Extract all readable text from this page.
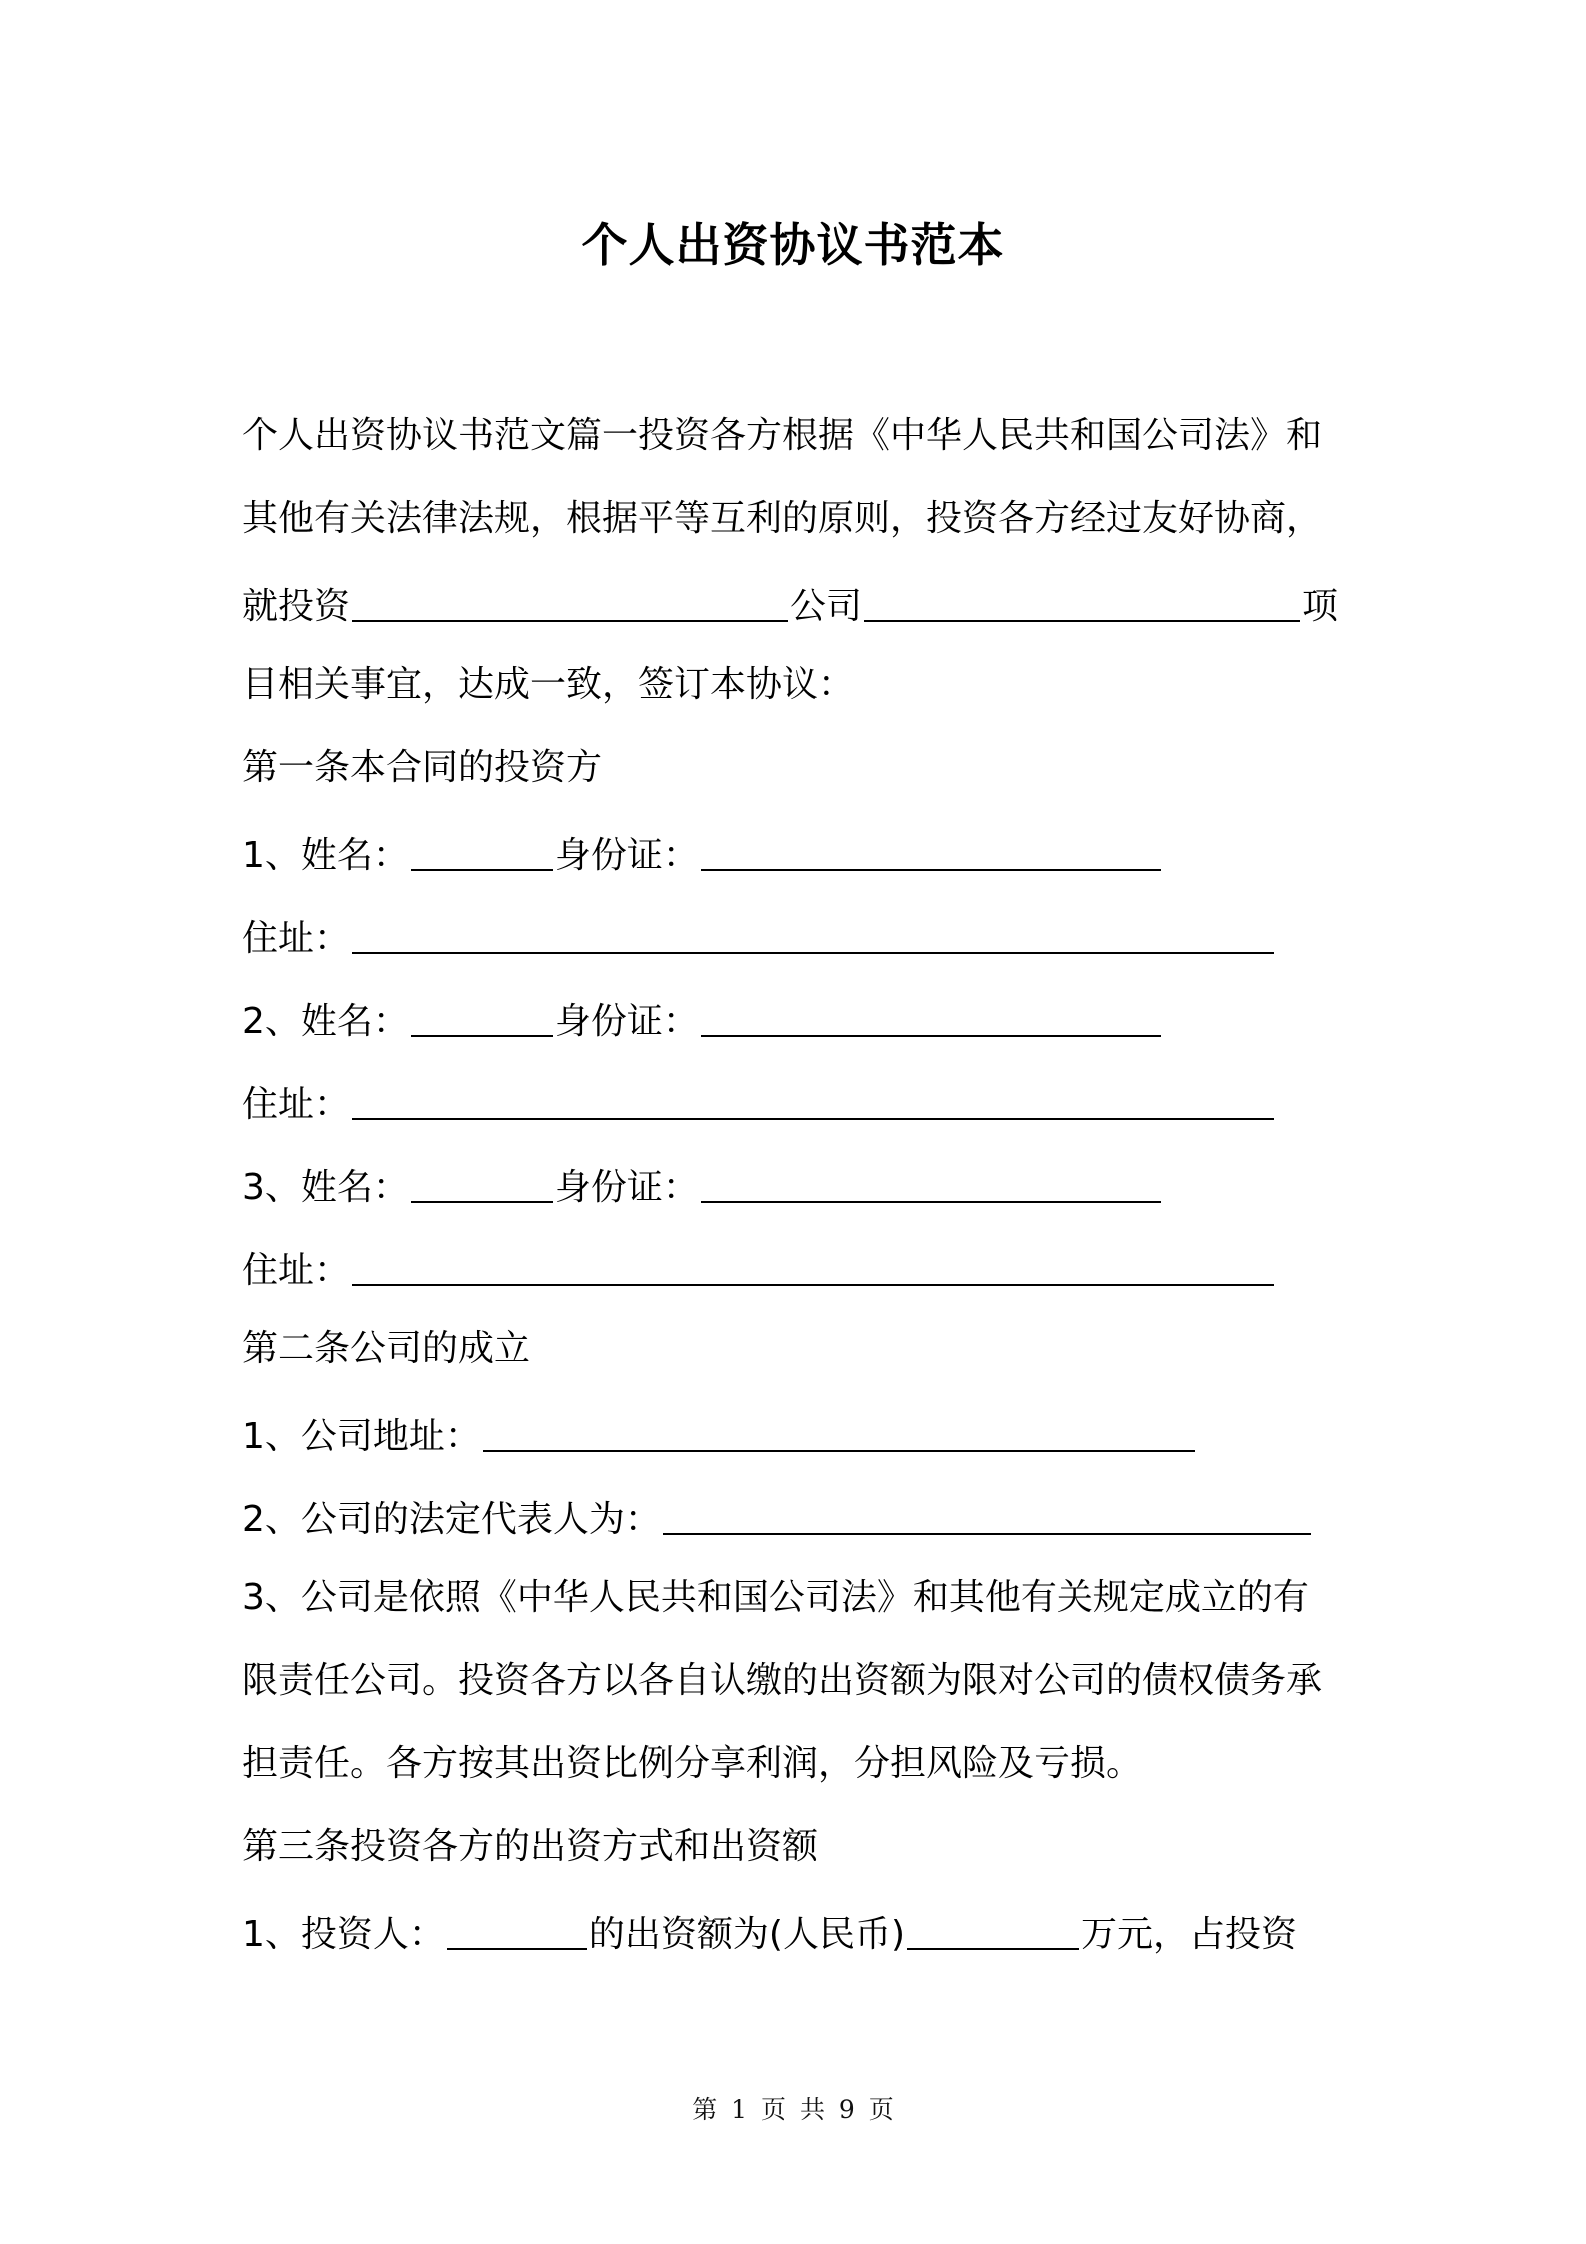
个人出资协议书范本
个人出资协议书范文篇一投资各方根据《中华人民共和国公司法》和
其他有关法律法规，根据平等互利的原则，投资各方经过友好协商，
就投资	公司	项
目相关事宜，达成一致，签订本协议：
第一条本合同的投资方
1、姓名：	身份证：
住址：
2、姓名：	身份证：
住址：
3、姓名：	身份证：
住址：
第二条公司的成立
1、公司地址：
2、公司的法定代表人为：
3、公司是依照《中华人民共和国公司法》和其他有关规定成立的有
限责任公司。投资各方以各自认缴的出资额为限对公司的债权债务承
担责任。各方按其出资比例分享利润，分担风险及亏损。
第三条投资各方的出资方式和出资额
1、投资人：	的出资额为(人民币)	万元，占投资
第 1 页 共 9 页
